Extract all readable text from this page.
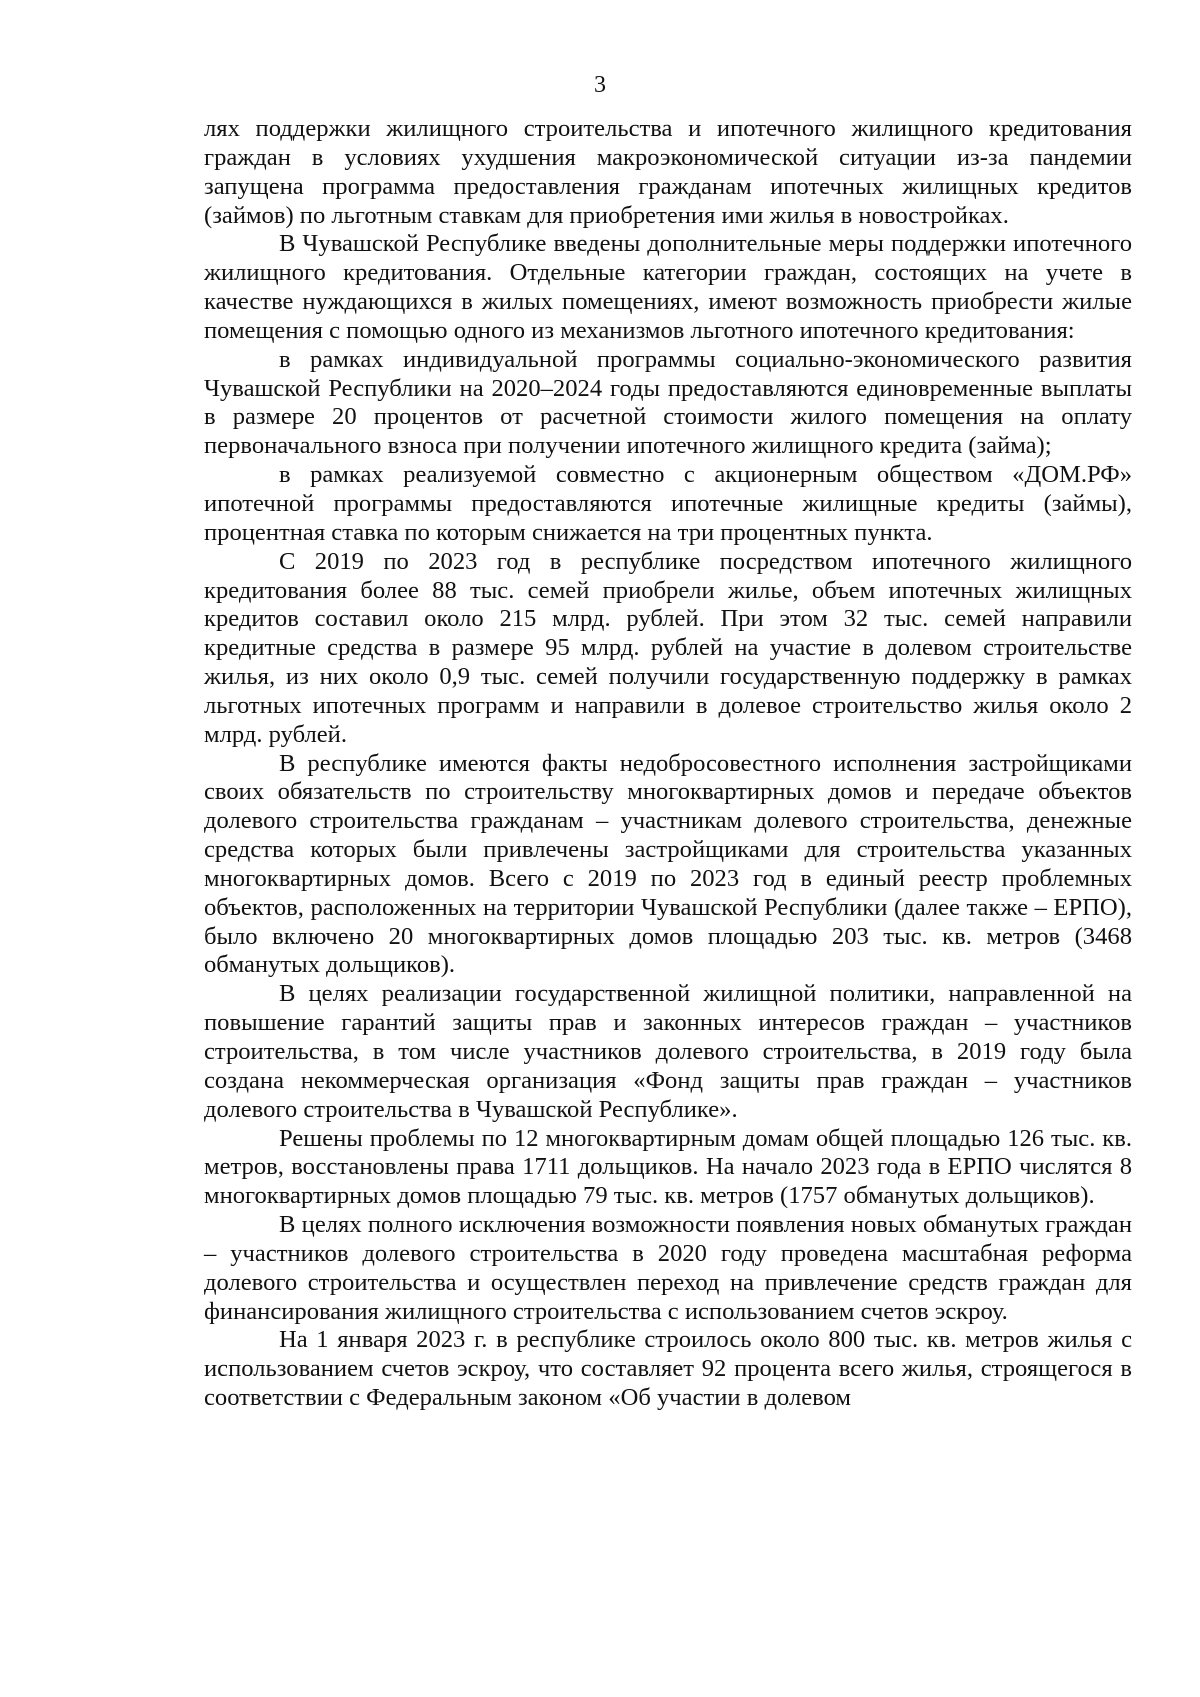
3

лях поддержки жилищного строительства и ипотечного жилищного кредитования граждан в условиях ухудшения макроэкономической ситуации из-за пандемии запущена программа предоставления гражданам ипотечных жилищных кредитов (займов) по льготным ставкам для приобретения ими жилья в новостройках.

В Чувашской Республике введены дополнительные меры поддержки ипотечного жилищного кредитования. Отдельные категории граждан, состоящих на учете в качестве нуждающихся в жилых помещениях, имеют возможность приобрести жилые помещения с помощью одного из механизмов льготного ипотечного кредитования:

в рамках индивидуальной программы социально-экономического развития Чувашской Республики на 2020–2024 годы предоставляются единовременные выплаты в размере 20 процентов от расчетной стоимости жилого помещения на оплату первоначального взноса при получении ипотечного жилищного кредита (займа);

в рамках реализуемой совместно с акционерным обществом «ДОМ.РФ» ипотечной программы предоставляются ипотечные жилищные кредиты (займы), процентная ставка по которым снижается на три процентных пункта.

С 2019 по 2023 год в республике посредством ипотечного жилищного кредитования более 88 тыс. семей приобрели жилье, объем ипотечных жилищных кредитов составил около 215 млрд. рублей. При этом 32 тыс. семей направили кредитные средства в размере 95 млрд. рублей на участие в долевом строительстве жилья, из них около 0,9 тыс. семей получили государственную поддержку в рамках льготных ипотечных программ и направили в долевое строительство жилья около 2 млрд. рублей.

В республике имеются факты недобросовестного исполнения застройщиками своих обязательств по строительству многоквартирных домов и передаче объектов долевого строительства гражданам – участникам долевого строительства, денежные средства которых были привлечены застройщиками для строительства указанных многоквартирных домов. Всего с 2019 по 2023 год в единый реестр проблемных объектов, расположенных на территории Чувашской Республики (далее также – ЕРПО), было включено 20 многоквартирных домов площадью 203 тыс. кв. метров (3468 обманутых дольщиков).

В целях реализации государственной жилищной политики, направленной на повышение гарантий защиты прав и законных интересов граждан – участников строительства, в том числе участников долевого строительства, в 2019 году была создана некоммерческая организация «Фонд защиты прав граждан – участников долевого строительства в Чувашской Республике».

Решены проблемы по 12 многоквартирным домам общей площадью 126 тыс. кв. метров, восстановлены права 1711 дольщиков. На начало 2023 года в ЕРПО числятся 8 многоквартирных домов площадью 79 тыс. кв. метров (1757 обманутых дольщиков).

В целях полного исключения возможности появления новых обманутых граждан – участников долевого строительства в 2020 году проведена масштабная реформа долевого строительства и осуществлен переход на привлечение средств граждан для финансирования жилищного строительства с использованием счетов эскроу.

На 1 января 2023 г. в республике строилось около 800 тыс. кв. метров жилья с использованием счетов эскроу, что составляет 92 процента всего жилья, строящегося в соответствии с Федеральным законом «Об участии в долевом
